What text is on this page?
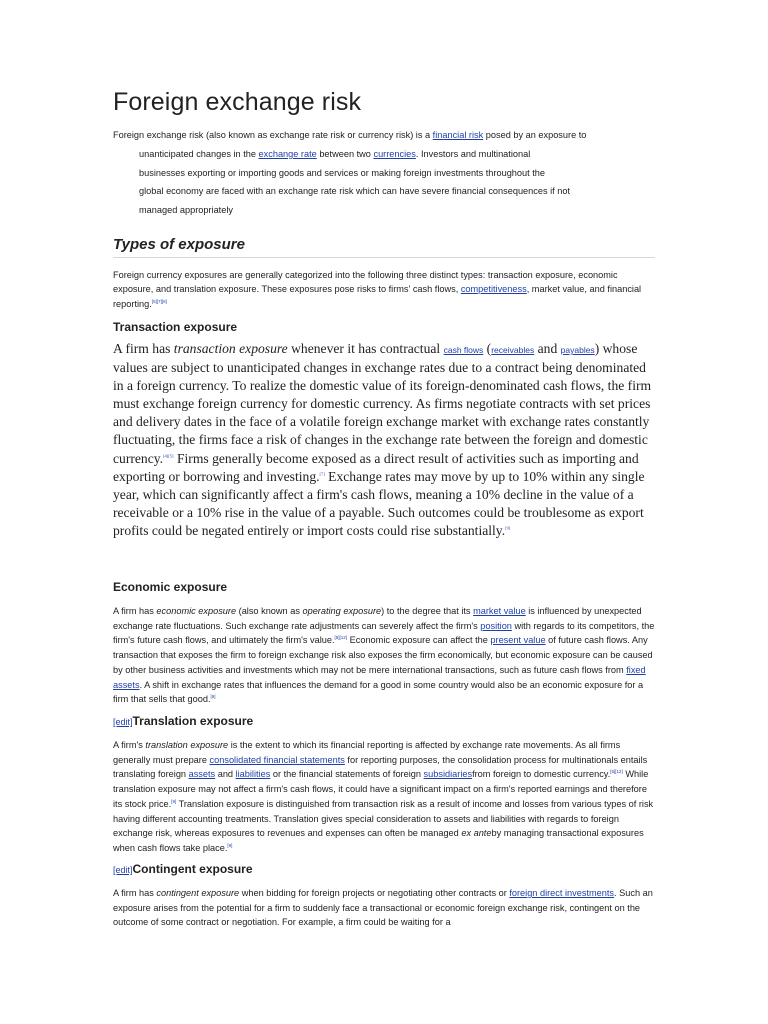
Foreign exchange risk
Foreign exchange risk (also known as exchange rate risk or currency risk) is a financial risk posed by an exposure to
unanticipated changes in the exchange rate between two currencies. Investors and multinational
businesses exporting or importing goods and services or making foreign investments throughout the
global economy are faced with an exchange rate risk which can have severe financial consequences if not
managed appropriately
Types of exposure

Foreign currency exposures are generally categorized into the following three distinct types: transaction exposure, economic exposure, and translation exposure. These exposures pose risks to firms' cash flows, competitiveness, market value, and financial reporting.[5][7][8]

Transaction exposure

A firm has transaction exposure whenever it has contractual cash flows (receivables and payables) whose values are subject to unanticipated changes in exchange rates due to a contract being denominated in a foreign currency. To realize the domestic value of its foreign-denominated cash flows, the firm must exchange foreign currency for domestic currency. As firms negotiate contracts with set prices and delivery dates in the face of a volatile foreign exchange market with exchange rates constantly fluctuating, the firms face a risk of changes in the exchange rate between the foreign and domestic currency.[4][5] Firms generally become exposed as a direct result of activities such as importing and exporting or borrowing and investing.[7] Exchange rates may move by up to 10% within any single year, which can significantly affect a firm's cash flows, meaning a 10% decline in the value of a receivable or a 10% rise in the value of a payable. Such outcomes could be troublesome as export profits could be negated entirely or import costs could rise substantially.[9]

Economic exposure

A firm has economic exposure (also known as operating exposure) to the degree that its market value is influenced by unexpected exchange rate fluctuations. Such exchange rate adjustments can severely affect the firm's position with regards to its competitors, the firm's future cash flows, and ultimately the firm's value.[5][12] Economic exposure can affect the present value of future cash flows. Any transaction that exposes the firm to foreign exchange risk also exposes the firm economically, but economic exposure can be caused by other business activities and investments which may not be mere international transactions, such as future cash flows from fixed assets. A shift in exchange rates that influences the demand for a good in some country would also be an economic exposure for a firm that sells that good.[9]

[edit]Translation exposure

A firm's translation exposure is the extent to which its financial reporting is affected by exchange rate movements. As all firms generally must prepare consolidated financial statements for reporting purposes, the consolidation process for multinationals entails translating foreign assets and liabilities or the financial statements of foreign subsidiariesfrom foreign to domestic currency.[5][12] While translation exposure may not affect a firm's cash flows, it could have a significant impact on a firm's reported earnings and therefore its stock price.[9] Translation exposure is distinguished from transaction risk as a result of income and losses from various types of risk having different accounting treatments. Translation gives special consideration to assets and liabilities with regards to foreign exchange risk, whereas exposures to revenues and expenses can often be managed ex anteby managing transactional exposures when cash flows take place.[9]

[edit]Contingent exposure

A firm has contingent exposure when bidding for foreign projects or negotiating other contracts or foreign direct investments. Such an exposure arises from the potential for a firm to suddenly face a transactional or economic foreign exchange risk, contingent on the outcome of some contract or negotiation. For example, a firm could be waiting for a
